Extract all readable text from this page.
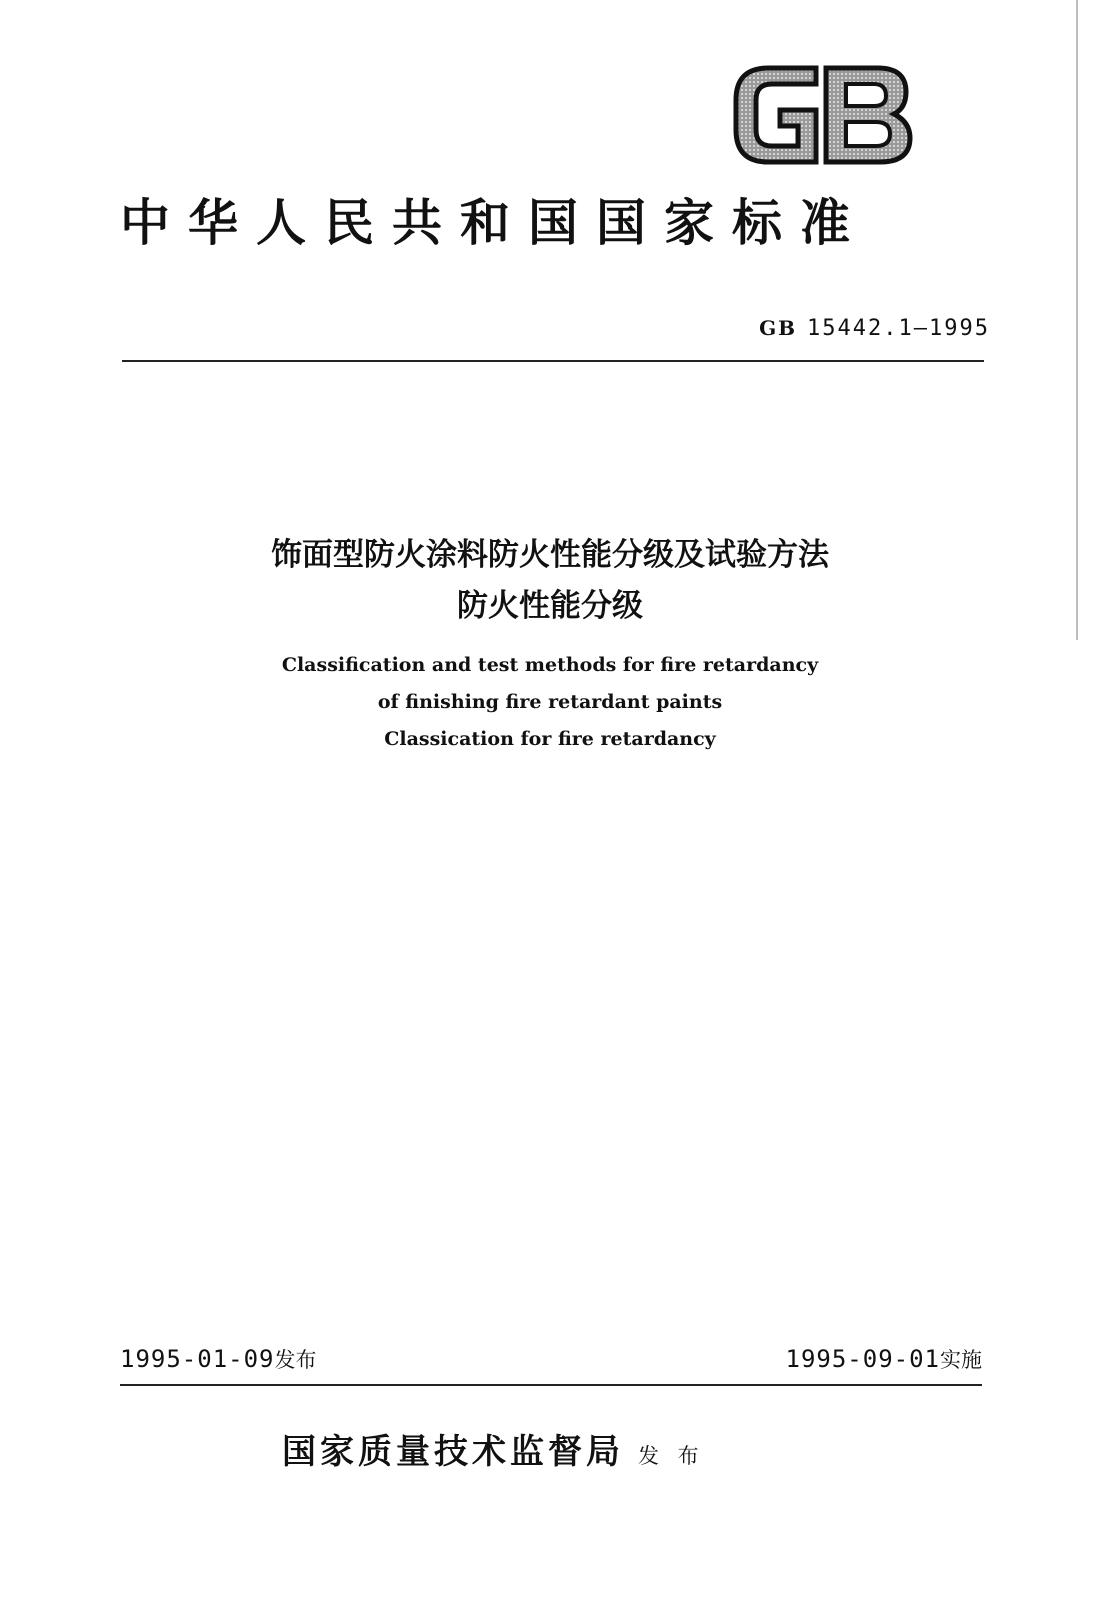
中华人民共和国国家标准
GB 15442.1—1995
饰面型防火涂料防火性能分级及试验方法
防火性能分级
Classification and test methods for fire retardancy
of finishing fire retardant paints
Classication for fire retardancy
1995-01-09发布	1995-09-01实施
国家质量技术监督局 发 布
